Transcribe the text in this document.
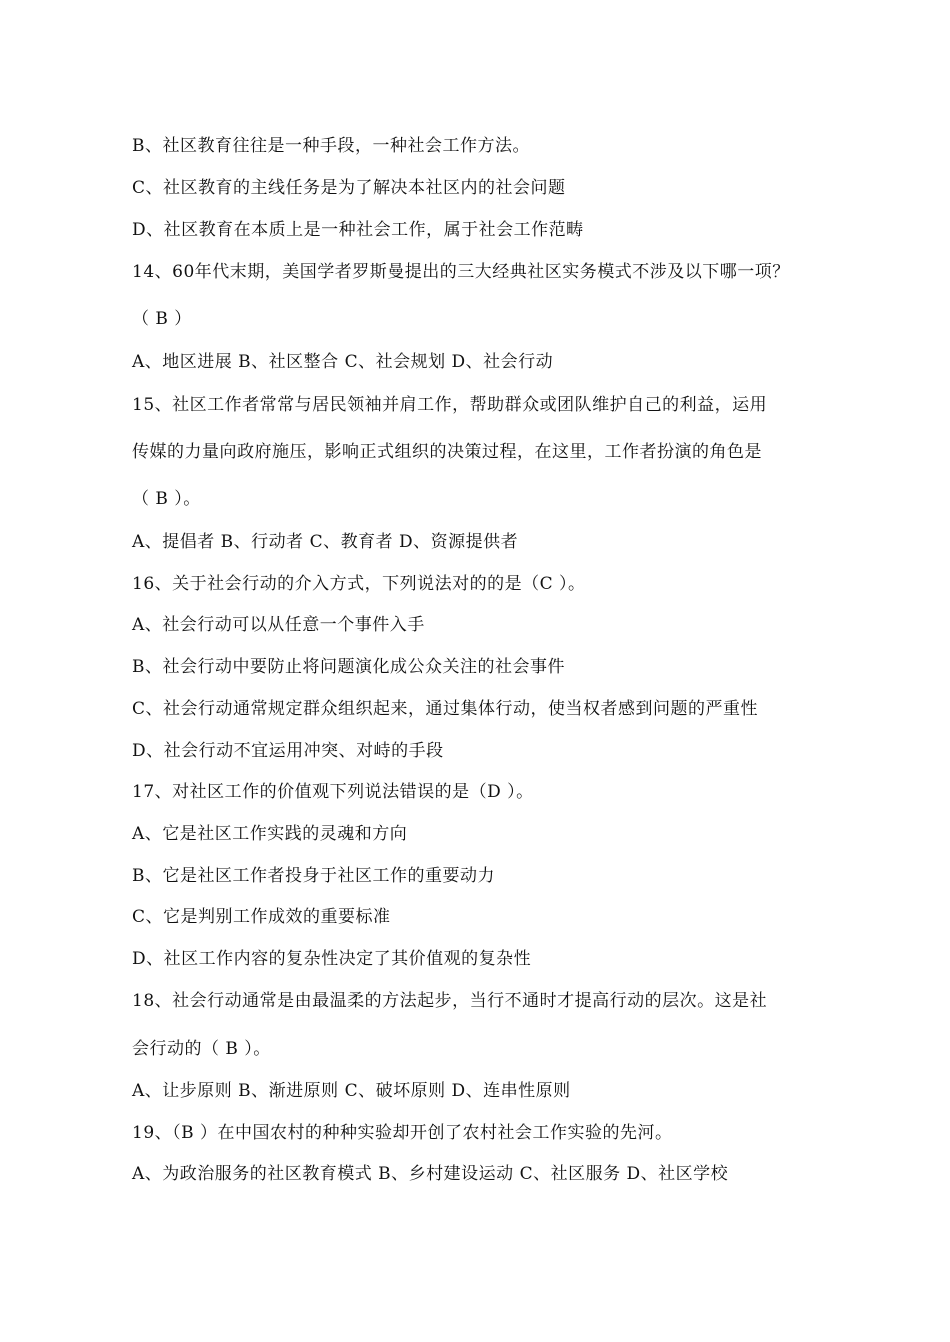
B、社区教育往往是一种手段，一种社会工作方法。
C、社区教育的主线任务是为了解决本社区内的社会问题
D、社区教育在本质上是一种社会工作，属于社会工作范畴
14、60年代末期，美国学者罗斯曼提出的三大经典社区实务模式不涉及以下哪一项？
（ B ）
A、地区进展 B、社区整合 C、社会规划 D、社会行动
15、社区工作者常常与居民领袖并肩工作，帮助群众或团队维护自己的利益，运用
传媒的力量向政府施压，影响正式组织的决策过程，在这里，工作者扮演的角色是
（ B ）。
A、提倡者 B、行动者 C、教育者 D、资源提供者
16、关于社会行动的介入方式，下列说法对的的是（C ）。
A、社会行动可以从任意一个事件入手
B、社会行动中要防止将问题演化成公众关注的社会事件
C、社会行动通常规定群众组织起来，通过集体行动，使当权者感到问题的严重性
D、社会行动不宜运用冲突、对峙的手段
17、对社区工作的价值观下列说法错误的是（D ）。
A、它是社区工作实践的灵魂和方向
B、它是社区工作者投身于社区工作的重要动力
C、它是判别工作成效的重要标准
D、社区工作内容的复杂性决定了其价值观的复杂性
18、社会行动通常是由最温柔的方法起步，当行不通时才提高行动的层次。这是社
会行动的（ B ）。
A、让步原则 B、渐进原则 C、破坏原则 D、连串性原则
19、（B ）在中国农村的种种实验却开创了农村社会工作实验的先河。
A、为政治服务的社区教育模式 B、乡村建设运动 C、社区服务 D、社区学校
